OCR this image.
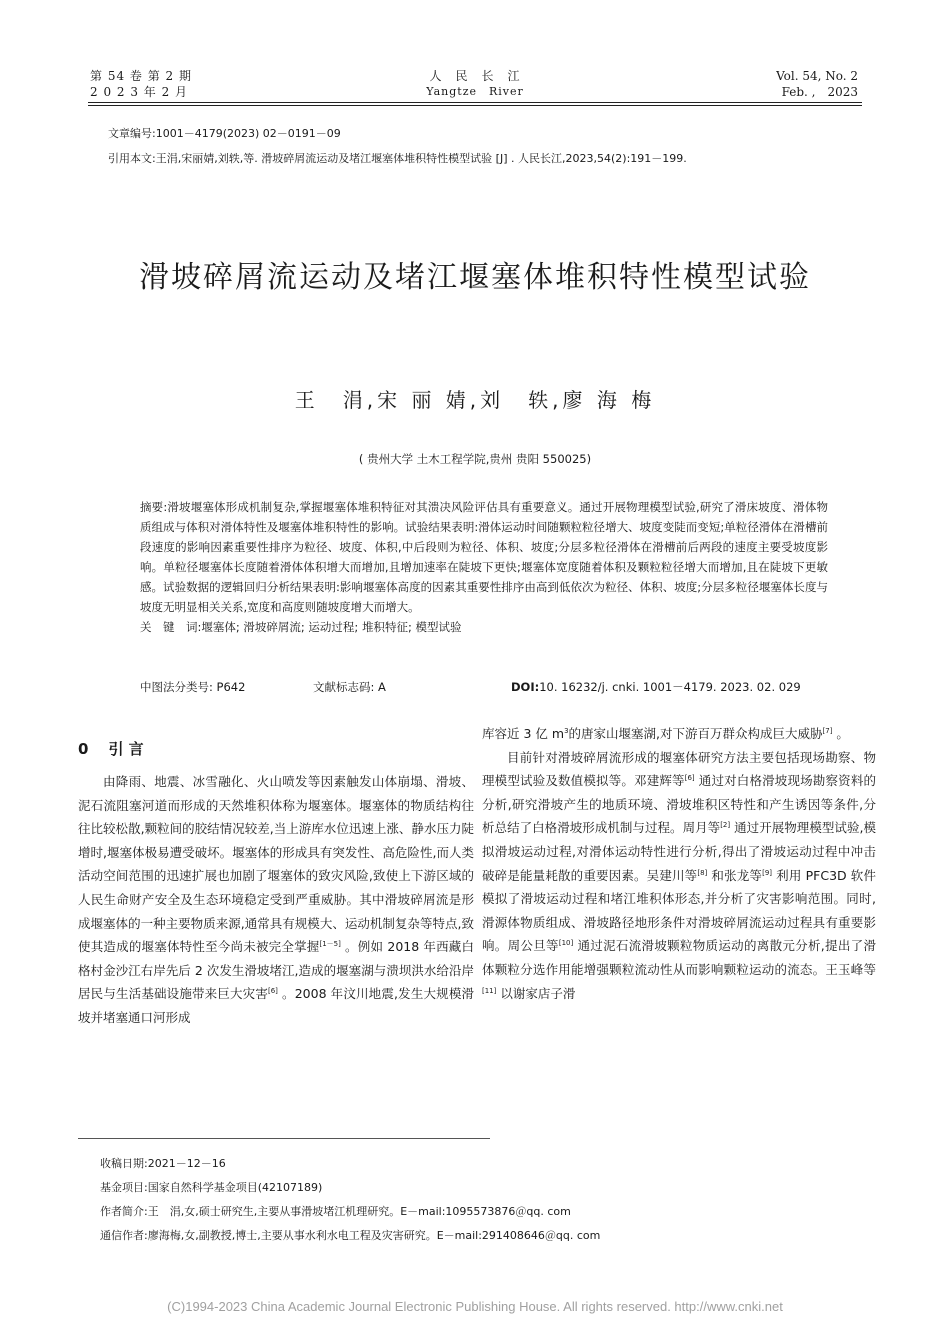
第 54 卷 第 2 期
2 0 2 3 年 2 月
人　民　长　江
Yangtze　River
Vol. 54, No. 2
Feb. ,　2023
文章编号:1001－4179(2023) 02－0191－09
引用本文:王涓,宋丽婧,刘轶,等. 滑坡碎屑流运动及堵江堰塞体堆积特性模型试验 [J] . 人民长江,2023,54(2):191－199.
滑坡碎屑流运动及堵江堰塞体堆积特性模型试验
王　涓,宋 丽 婧,刘　轶,廖 海 梅
( 贵州大学 土木工程学院,贵州 贵阳 550025)

摘要:滑坡堰塞体形成机制复杂,掌握堰塞体堆积特征对其溃决风险评估具有重要意义。通过开展物理模型试验,研究了滑床坡度、滑体物质组成与体积对滑体特性及堰塞体堆积特性的影响。试验结果表明:滑体运动时间随颗粒粒径增大、坡度变陡而变短;单粒径滑体在滑槽前段速度的影响因素重要性排序为粒径、坡度、体积,中后段则为粒径、体积、坡度;分层多粒径滑体在滑槽前后两段的速度主要受坡度影响。单粒径堰塞体长度随着滑体体积增大而增加,且增加速率在陡坡下更快;堰塞体宽度随着体积及颗粒粒径增大而增加,且在陡坡下更敏感。试验数据的逻辑回归分析结果表明:影响堰塞体高度的因素其重要性排序由高到低依次为粒径、体积、坡度;分层多粒径堰塞体长度与坡度无明显相关关系,宽度和高度则随坡度增大而增大。

关　键　词:堰塞体; 滑坡碎屑流; 运动过程; 堆积特征; 模型试验

中图法分类号: P642	文献标志码: A	DOI:10. 16232/j. cnki. 1001－4179. 2023. 02. 029
0 引 言

由降雨、地震、冰雪融化、火山喷发等因素触发山体崩塌、滑坡、泥石流阻塞河道而形成的天然堆积体称为堰塞体。堰塞体的物质结构往往比较松散,颗粒间的胶结情况较差,当上游库水位迅速上涨、静水压力陡增时,堰塞体极易遭受破坏。堰塞体的形成具有突发性、高危险性,而人类活动空间范围的迅速扩展也加剧了堰塞体的致灾风险,致使上下游区域的人民生命财产安全及生态环境稳定受到严重威胁。其中滑坡碎屑流是形成堰塞体的一种主要物质来源,通常具有规模大、运动机制复杂等特点,致使其造成的堰塞体特性至今尚未被完全掌握[1－5] 。例如 2018 年西藏白格村金沙江右岸先后 2 次发生滑坡堵江,造成的堰塞湖与溃坝洪水给沿岸居民与生活基础设施带来巨大灾害[6] 。2008 年汶川地震,发生大规模滑坡并堵塞通口河形成

库容近 3 亿 $m^3$的唐家山堰塞湖,对下游百万群众构成巨大威胁[7] 。

目前针对滑坡碎屑流形成的堰塞体研究方法主要包括现场勘察、物理模型试验及数值模拟等。邓建辉等[6] 通过对白格滑坡现场勘察资料的分析,研究滑坡产生的地质环境、滑坡堆积区特性和产生诱因等条件,分析总结了白格滑坡形成机制与过程。周月等[2] 通过开展物理模型试验,模拟滑坡运动过程,对滑体运动特性进行分析,得出了滑坡运动过程中冲击破碎是能量耗散的重要因素。吴建川等[8] 和张龙等[9] 利用 PFC3D 软件模拟了滑坡运动过程和堵江堆积体形态,并分析了灾害影响范围。同时,滑源体物质组成、滑坡路径地形条件对滑坡碎屑流运动过程具有重要影响。周公旦等[10] 通过泥石流滑坡颗粒物质运动的离散元分析,提出了滑体颗粒分选作用能增强颗粒流动性从而影响颗粒运动的流态。王玉峰等[11] 以谢家店子滑

收稿日期:2021－12－16
基金项目:国家自然科学基金项目(42107189)
作者简介:王　涓,女,硕士研究生,主要从事滑坡堵江机理研究。E－mail:1095573876＠qq. com
通信作者:廖海梅,女,副教授,博士,主要从事水利水电工程及灾害研究。E－mail:291408646＠qq. com
(C)1994-2023 China Academic Journal Electronic Publishing House. All rights reserved. http://www.cnki.net
